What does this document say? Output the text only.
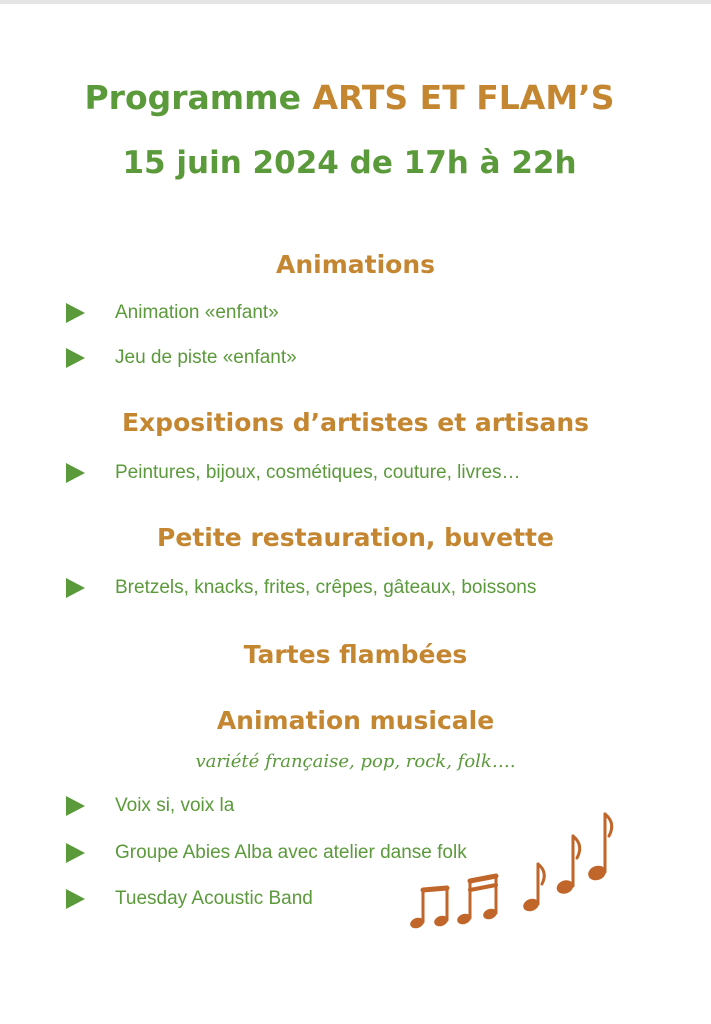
Programme ARTS ET FLAM’S
15 juin 2024 de 17h à 22h
Animations
Animation «enfant»
Jeu de piste «enfant»
Expositions d’artistes et artisans
Peintures, bijoux, cosmétiques, couture, livres…
Petite restauration, buvette
Bretzels, knacks, frites, crêpes, gâteaux, boissons
Tartes flambées
Animation musicale
variété française, pop, rock, folk….
Voix si, voix la
Groupe Abies Alba avec atelier danse folk
Tuesday Acoustic Band
